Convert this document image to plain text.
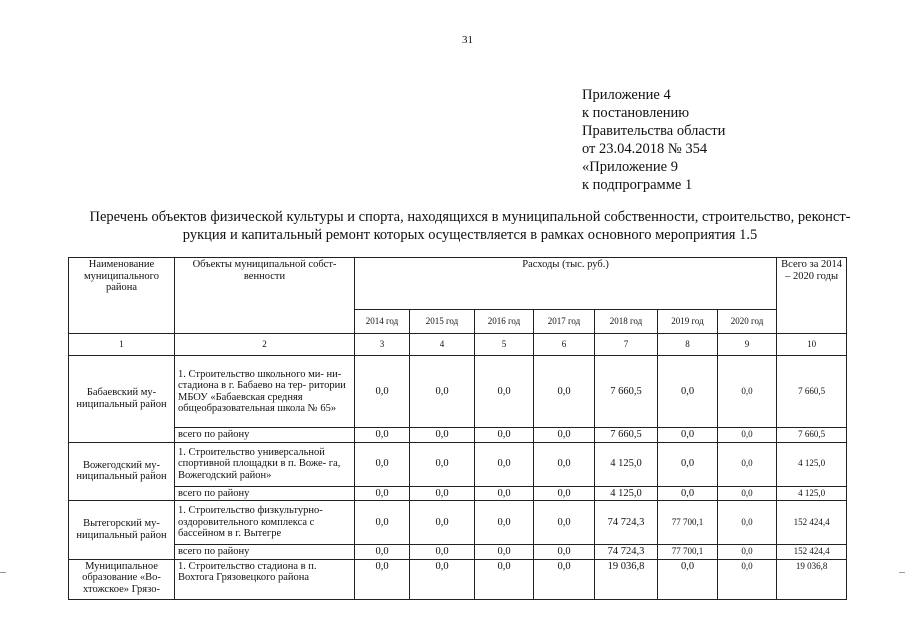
31
Приложение 4
к постановлению
Правительства области
от 23.04.2018 № 354
«Приложение 9
к подпрограмме 1
Перечень объектов физической культуры и спорта, находящихся в муниципальной собственности, строительство, реконст-
рукция и капитальный ремонт которых осуществляется в рамках основного мероприятия 1.5
Наименование муниципального района	Объекты муниципальной собст- венности	Расходы (тыс. руб.)							Всего за 2014 – 2020 годы
		2014 год	2015 год	2016 год	2017 год	2018 год	2019 год	2020 год	
1	2	3	4	5	6	7	8	9	10
Бабаевский му- ниципальный район	1. Строительство школьного ми- ни-стадиона в г. Бабаево на тер- ритории МБОУ «Бабаевская средняя общеобразовательная школа № 65»	0,0	0,0	0,0	0,0	7 660,5	0,0	0,0	7 660,5
	всего по району	0,0	0,0	0,0	0,0	7 660,5	0,0	0,0	7 660,5
Вожегодский му- ниципальный район	1. Строительство универсальной спортивной площадки в п. Воже- га, Вожегодский район»	0,0	0,0	0,0	0,0	4 125,0	0,0	0,0	4 125,0
	всего по району	0,0	0,0	0,0	0,0	4 125,0	0,0	0,0	4 125,0
Вытегорский му- ниципальный район	1. Строительство физкультурно- оздоровительного комплекса с бассейном в г. Вытегре	0,0	0,0	0,0	0,0	74 724,3	77 700,1	0,0	152 424,4
	всего по району	0,0	0,0	0,0	0,0	74 724,3	77 700,1	0,0	152 424,4
Муниципальное образование «Во- хтожское» Грязо-	1. Строительство стадиона в п. Вохтога Грязовецкого района	0,0	0,0	0,0	0,0	19 036,8	0,0	0,0	19 036,8
